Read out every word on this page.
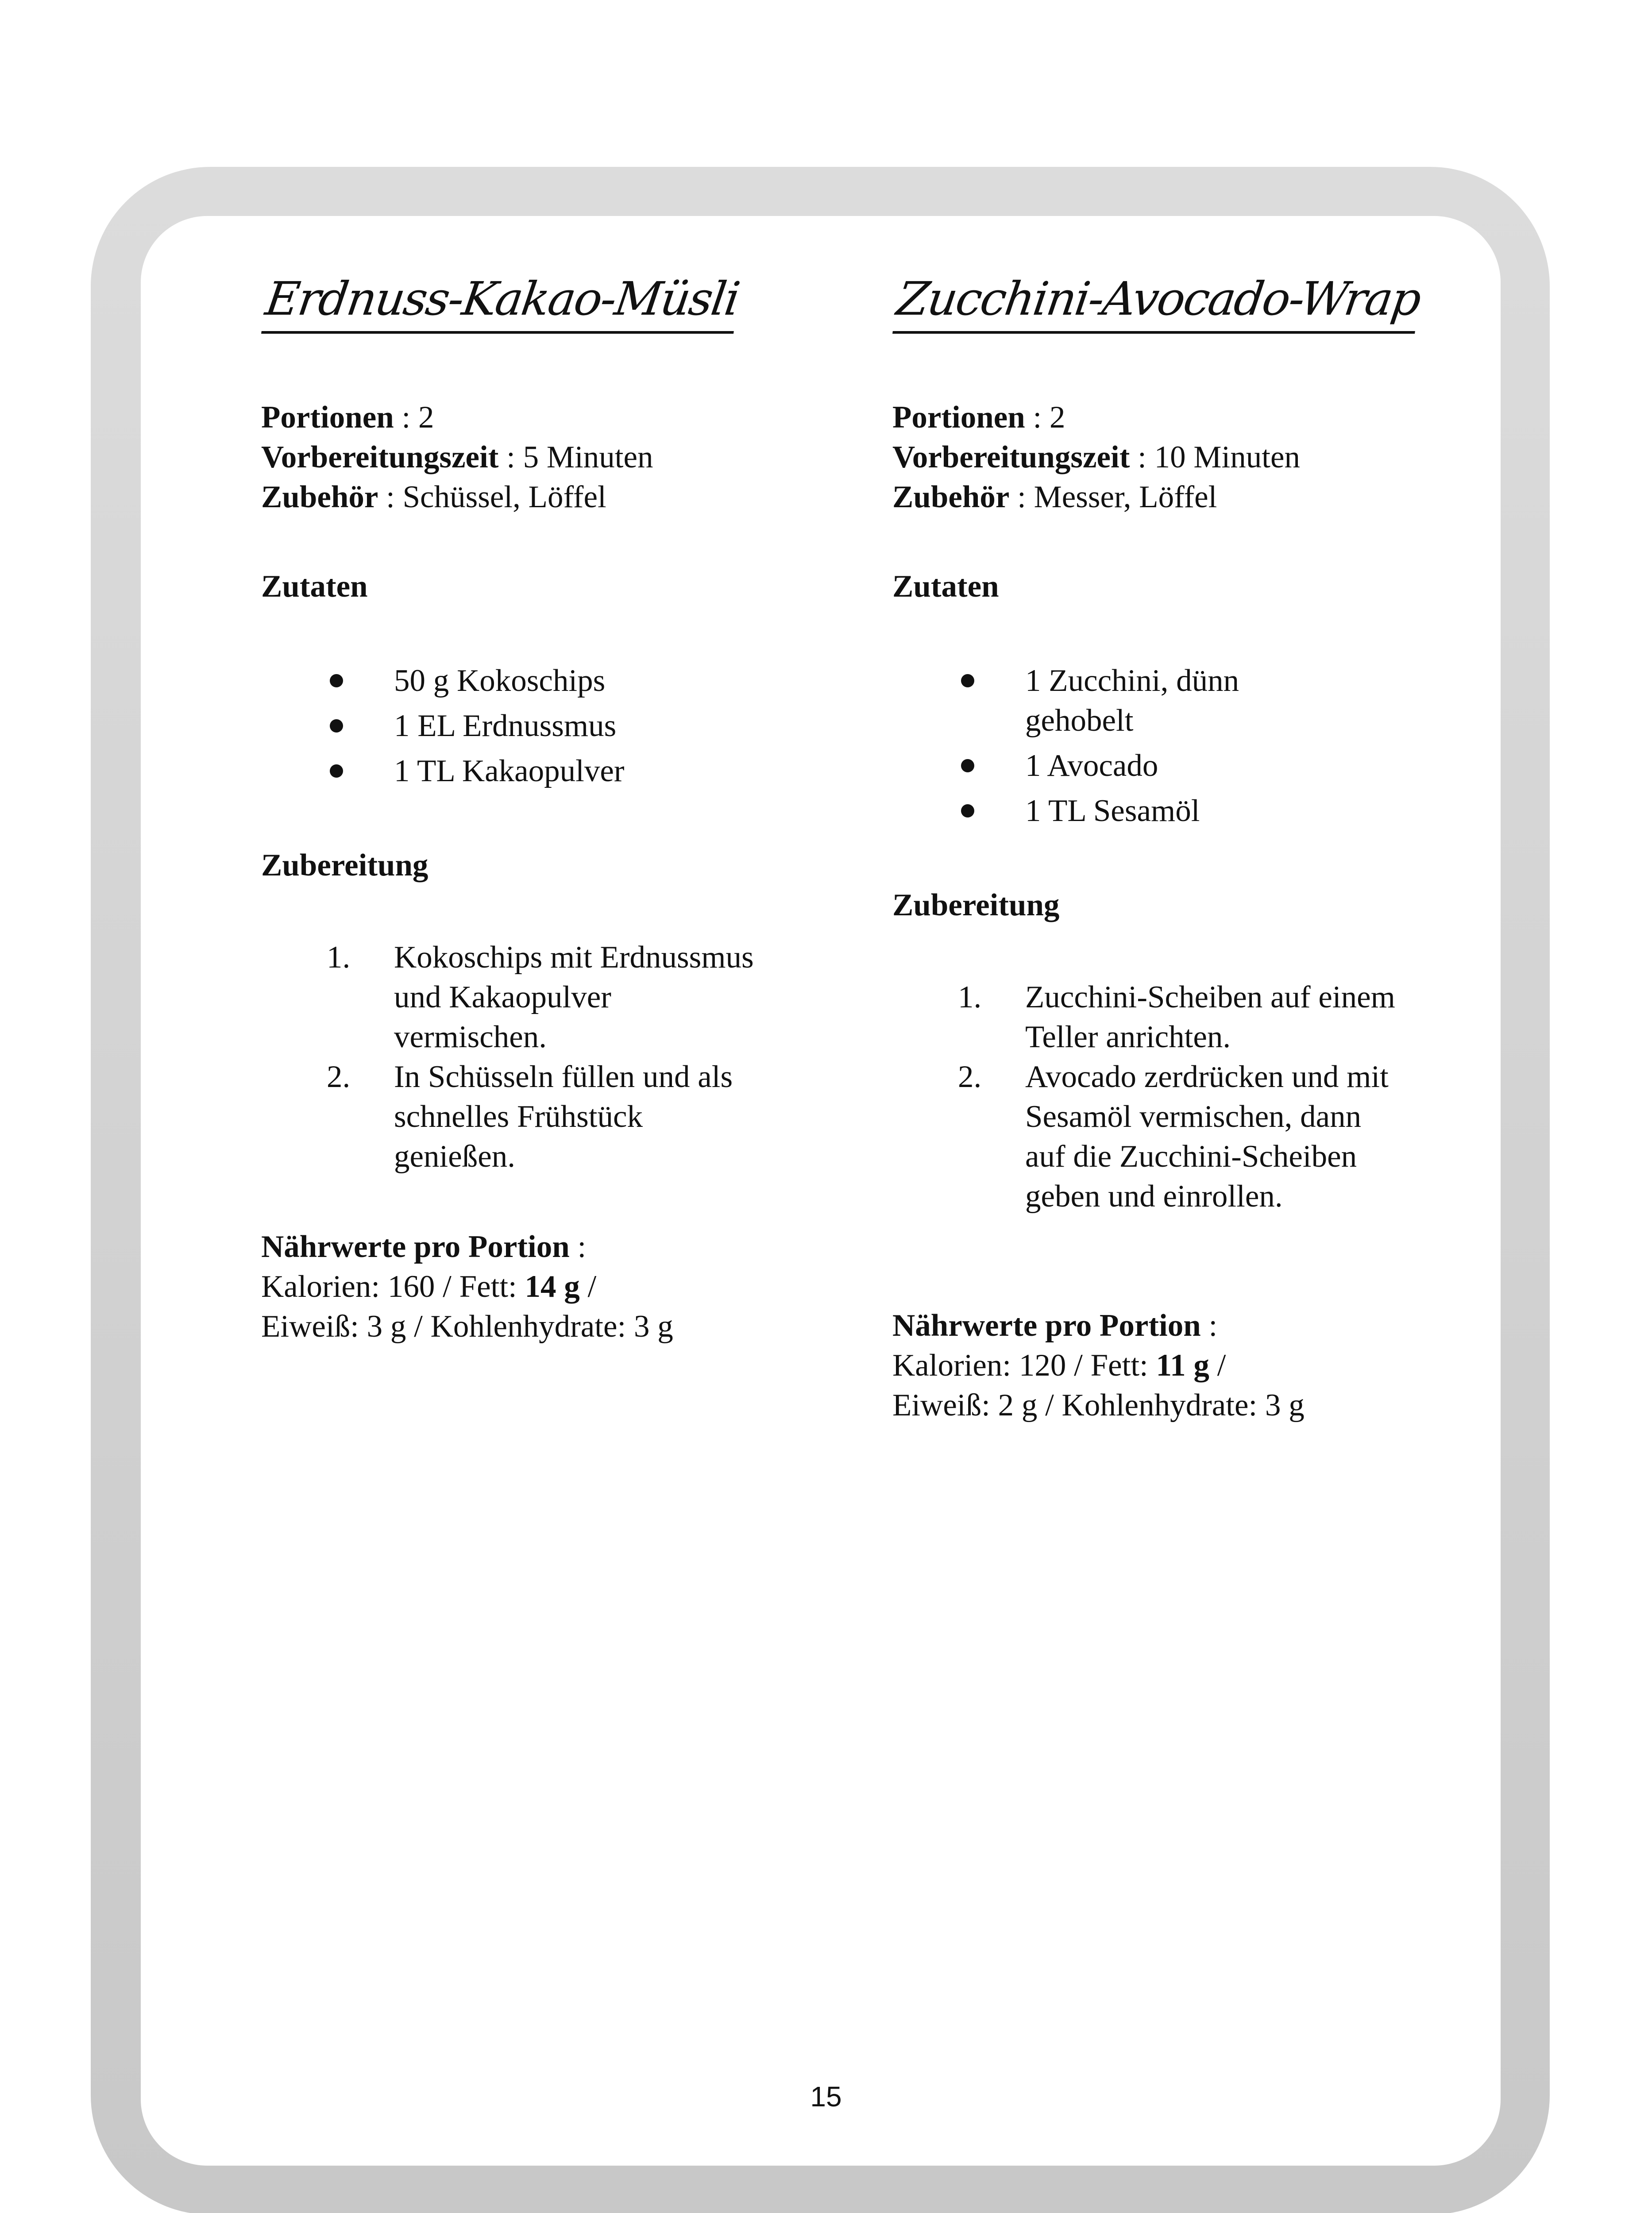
Erdnuss-Kakao-Müsli
Portionen : 2
Vorbereitungszeit : 5 Minuten
Zubehör : Schüssel, Löffel
Zutaten
50 g Kokoschips
1 EL Erdnussmus
1 TL Kakaopulver
Zubereitung
1. Kokoschips mit Erdnussmus und Kakaopulver vermischen.
2. In Schüsseln füllen und als schnelles Frühstück genießen.
Nährwerte pro Portion :
Kalorien: 160 / Fett: 14 g /
Eiweiß: 3 g / Kohlenhydrate: 3 g
Zucchini-Avocado-Wrap
Portionen : 2
Vorbereitungszeit : 10 Minuten
Zubehör : Messer, Löffel
Zutaten
1 Zucchini, dünn gehobelt
1 Avocado
1 TL Sesamöl
Zubereitung
1. Zucchini-Scheiben auf einem Teller anrichten.
2. Avocado zerdrücken und mit Sesamöl vermischen, dann auf die Zucchini-Scheiben geben und einrollen.
Nährwerte pro Portion :
Kalorien: 120 / Fett: 11 g /
Eiweiß: 2 g / Kohlenhydrate: 3 g
15
